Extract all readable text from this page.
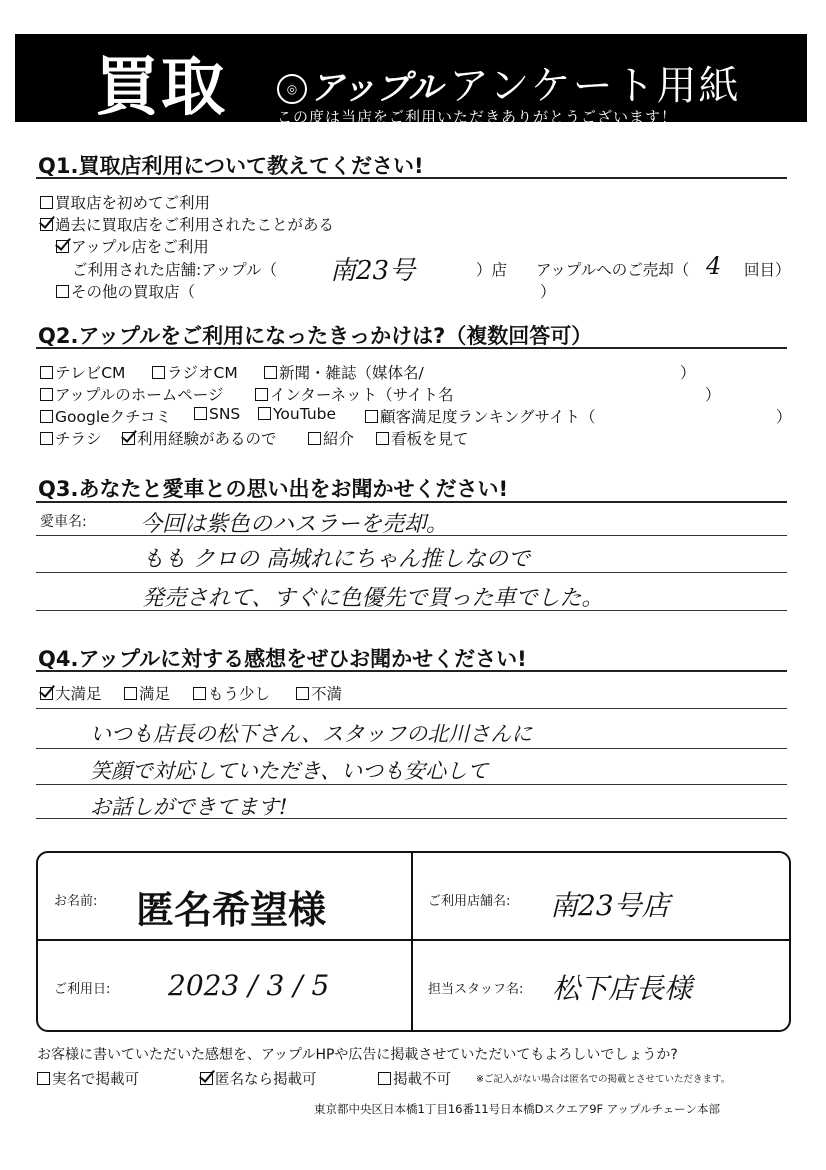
買取	◎ アップル アンケート用紙
この度は当店をご利用いただきありがとうございます！
Q1.買取店利用について教えてください!
買取店を初めてご利用
過去に買取店をご利用されたことがある
アップル店をご利用
ご利用された店舗:アップル（ 南23号	）店 アップルへのご売却（ 4 回目）
その他の買取店（	）
Q2.アップルをご利用になったきっかけは?（複数回答可）
テレビCM	ラジオCM	新聞・雑誌（媒体名/	）
アップルのホームページ	インターネット（サイト名	）
Googleクチコミ	SNS	YouTube	顧客満足度ランキングサイト（	）
チラシ	利用経験があるので	紹介	看板を見て
Q3.あなたと愛車との思い出をお聞かせください!
愛車名: 今回は紫色のハスラーを売却。
もも クロの 高城れにちゃん推しなので
発売されて、すぐに色優先で買った車でした。
Q4.アップルに対する感想をぜひお聞かせください!
大満足	満足	もう少し	不満
いつも店長の松下さん、スタッフの北川さんに
笑顔で対応していただき、いつも安心して
お話しができてます!
お名前: 匿名希望様	ご利用店舗名: 南23号店
ご利用日: 2023 / 3 / 5	担当スタッフ名: 松下店長様
お客様に書いていただいた感想を、アップルHPや広告に掲載させていただいてもよろしいでしょうか?
実名で掲載可	匿名なら掲載可	掲載不可	※ご記入がない場合は匿名での掲載とさせていただきます。
東京都中央区日本橋1丁目16番11号日本橋Dスクエア9F アップルチェーン本部
